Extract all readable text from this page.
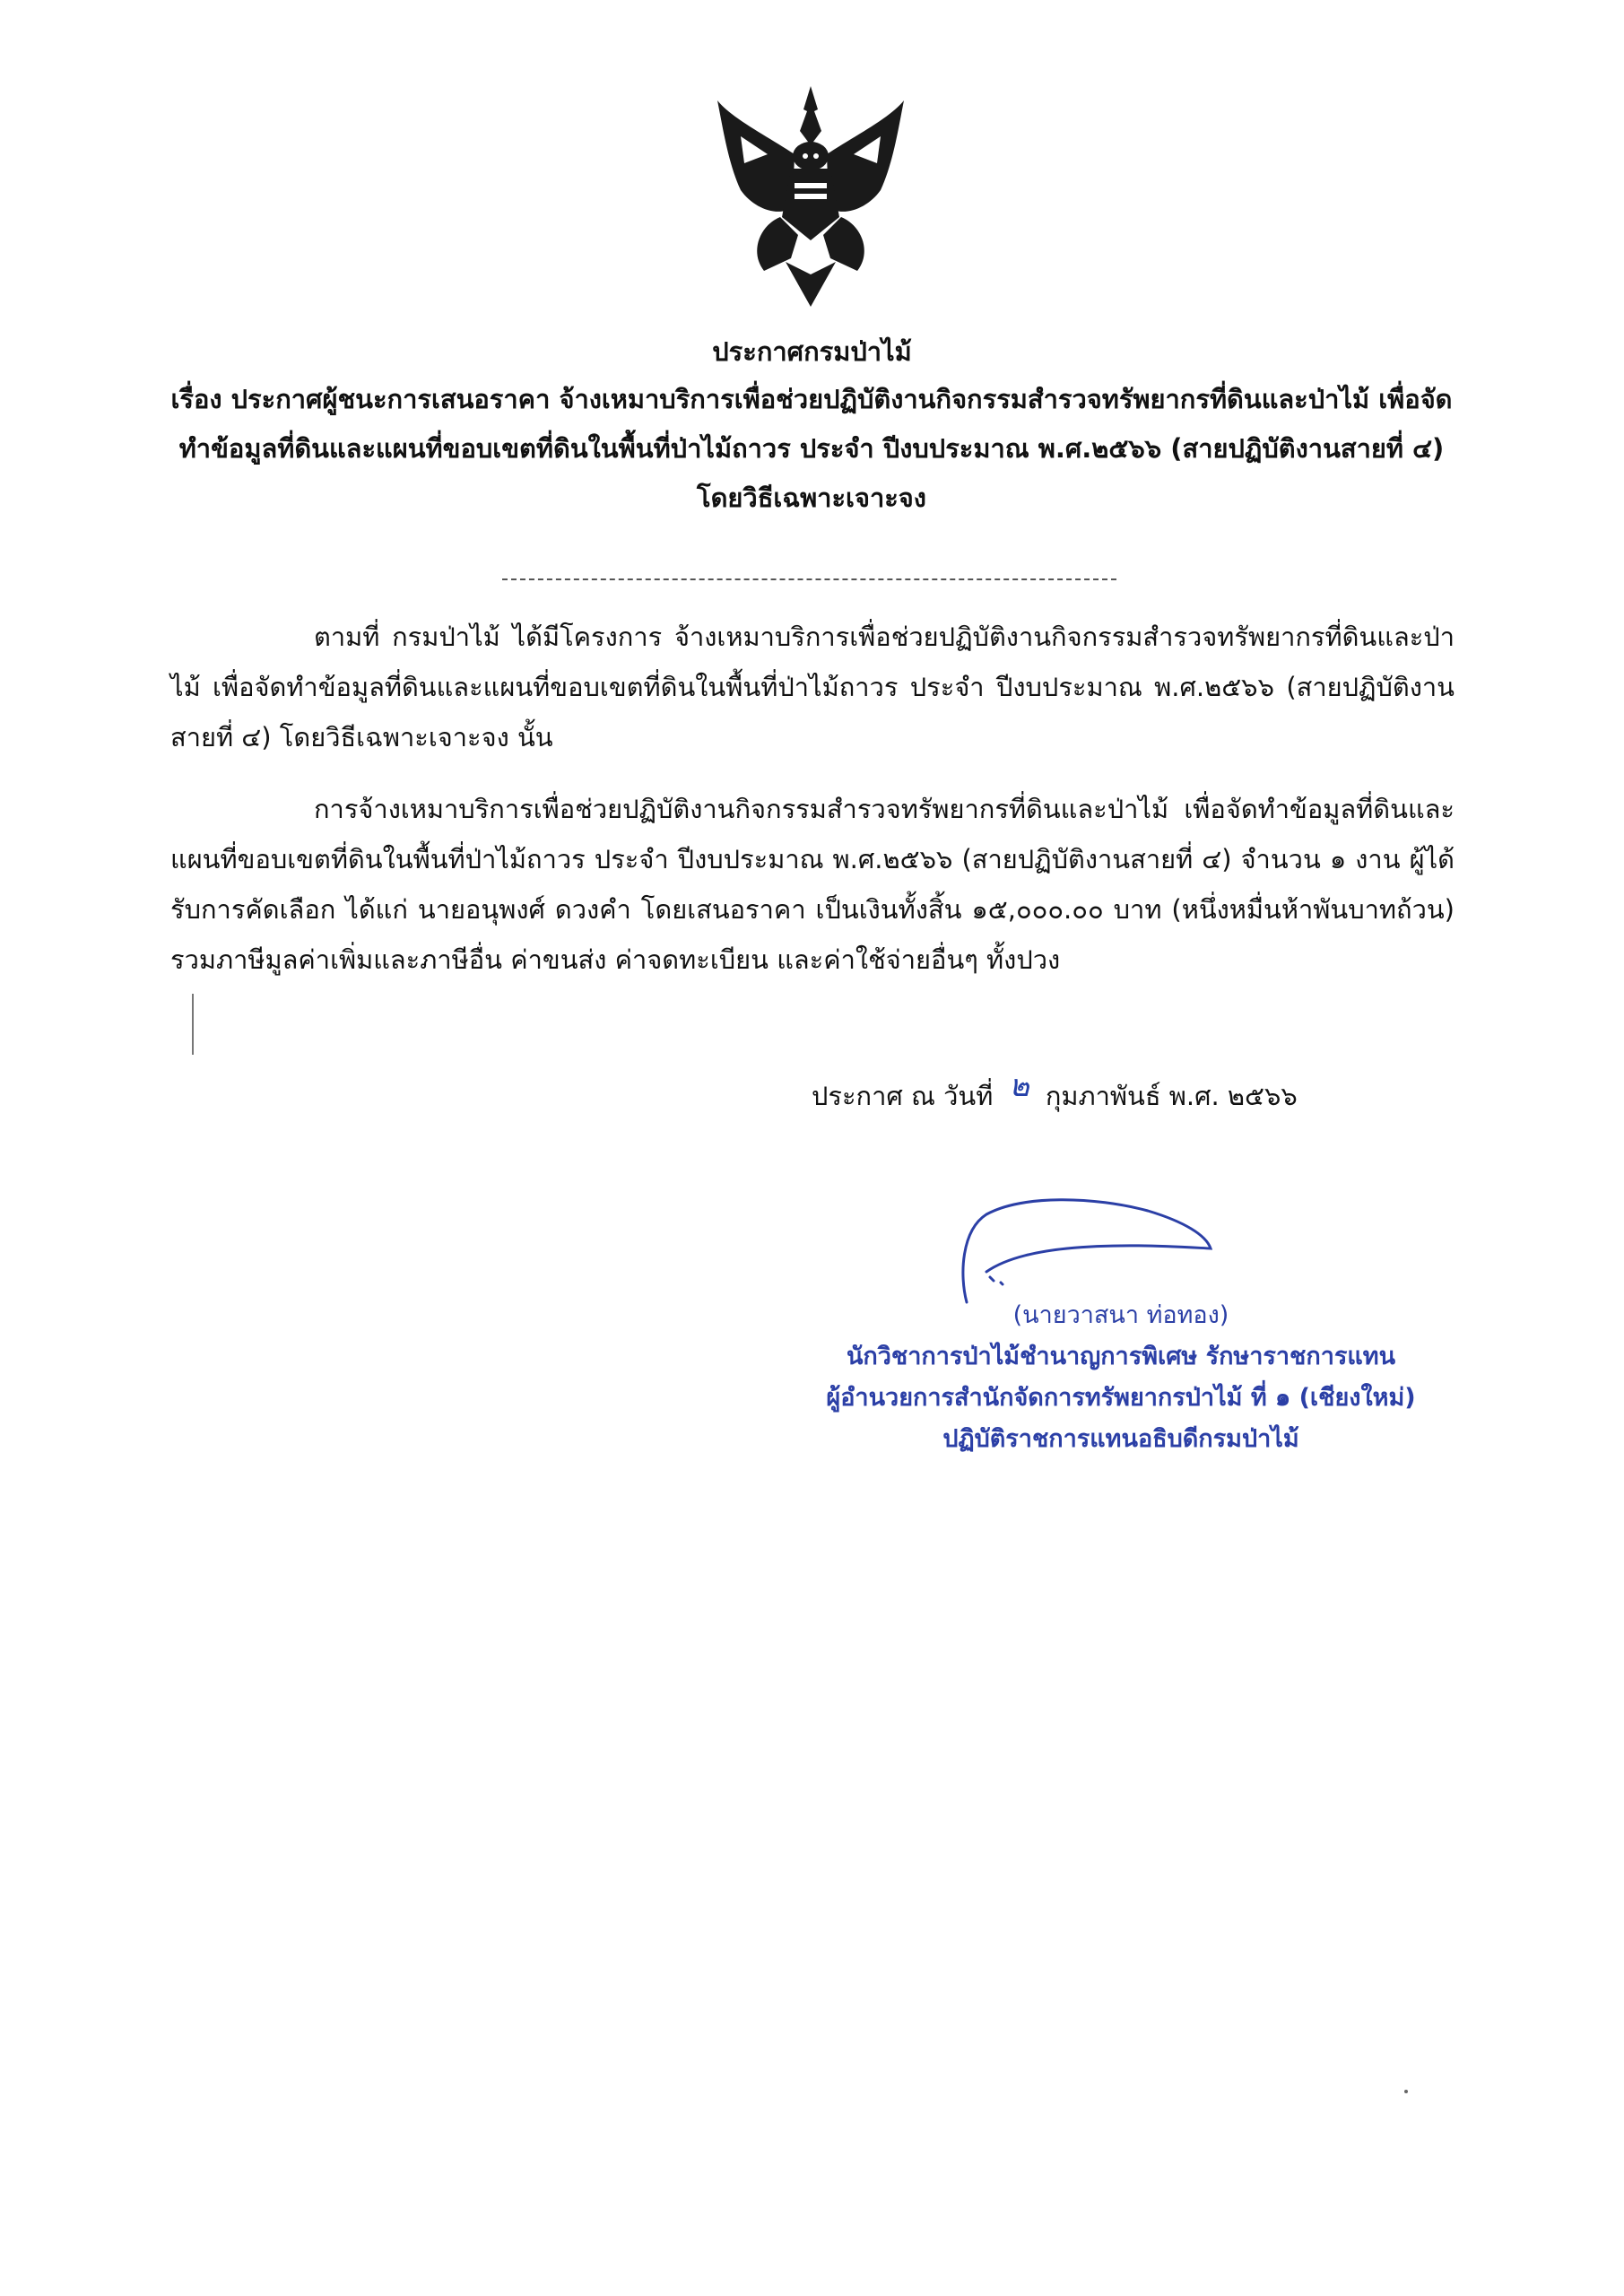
ประกาศกรมป่าไม้
เรื่อง ประกาศผู้ชนะการเสนอราคา จ้างเหมาบริการเพื่อช่วยปฏิบัติงานกิจกรรมสำรวจทรัพยากรที่ดินและป่าไม้ เพื่อจัดทำข้อมูลที่ดินและแผนที่ขอบเขตที่ดินในพื้นที่ป่าไม้ถาวร ประจำ ปีงบประมาณ พ.ศ.๒๕๖๖ (สายปฏิบัติงานสายที่ ๔) โดยวิธีเฉพาะเจาะจง
ตามที่ กรมป่าไม้ ได้มีโครงการ จ้างเหมาบริการเพื่อช่วยปฏิบัติงานกิจกรรมสำรวจทรัพยากรที่ดินและป่าไม้ เพื่อจัดทำข้อมูลที่ดินและแผนที่ขอบเขตที่ดินในพื้นที่ป่าไม้ถาวร ประจำ ปีงบประมาณ พ.ศ.๒๕๖๖ (สายปฏิบัติงานสายที่ ๔) โดยวิธีเฉพาะเจาะจง นั้น
การจ้างเหมาบริการเพื่อช่วยปฏิบัติงานกิจกรรมสำรวจทรัพยากรที่ดินและป่าไม้ เพื่อจัดทำข้อมูลที่ดินและแผนที่ขอบเขตที่ดินในพื้นที่ป่าไม้ถาวร ประจำ ปีงบประมาณ พ.ศ.๒๕๖๖ (สายปฏิบัติงานสายที่ ๔) จำนวน ๑ งาน ผู้ได้รับการคัดเลือก ได้แก่ นายอนุพงศ์ ดวงคำ โดยเสนอราคา เป็นเงินทั้งสิ้น ๑๕,๐๐๐.๐๐ บาท (หนึ่งหมื่นห้าพันบาทถ้วน) รวมภาษีมูลค่าเพิ่มและภาษีอื่น ค่าขนส่ง ค่าจดทะเบียน และค่าใช้จ่ายอื่นๆ ทั้งปวง
ประกาศ ณ วันที่ ๒ กุมภาพันธ์ พ.ศ. ๒๕๖๖
(นายวาสนา ท่อทอง)
นักวิชาการป่าไม้ชำนาญการพิเศษ รักษาราชการแทน
ผู้อำนวยการสำนักจัดการทรัพยากรป่าไม้ ที่ ๑ (เชียงใหม่)
ปฏิบัติราชการแทนอธิบดีกรมป่าไม้
